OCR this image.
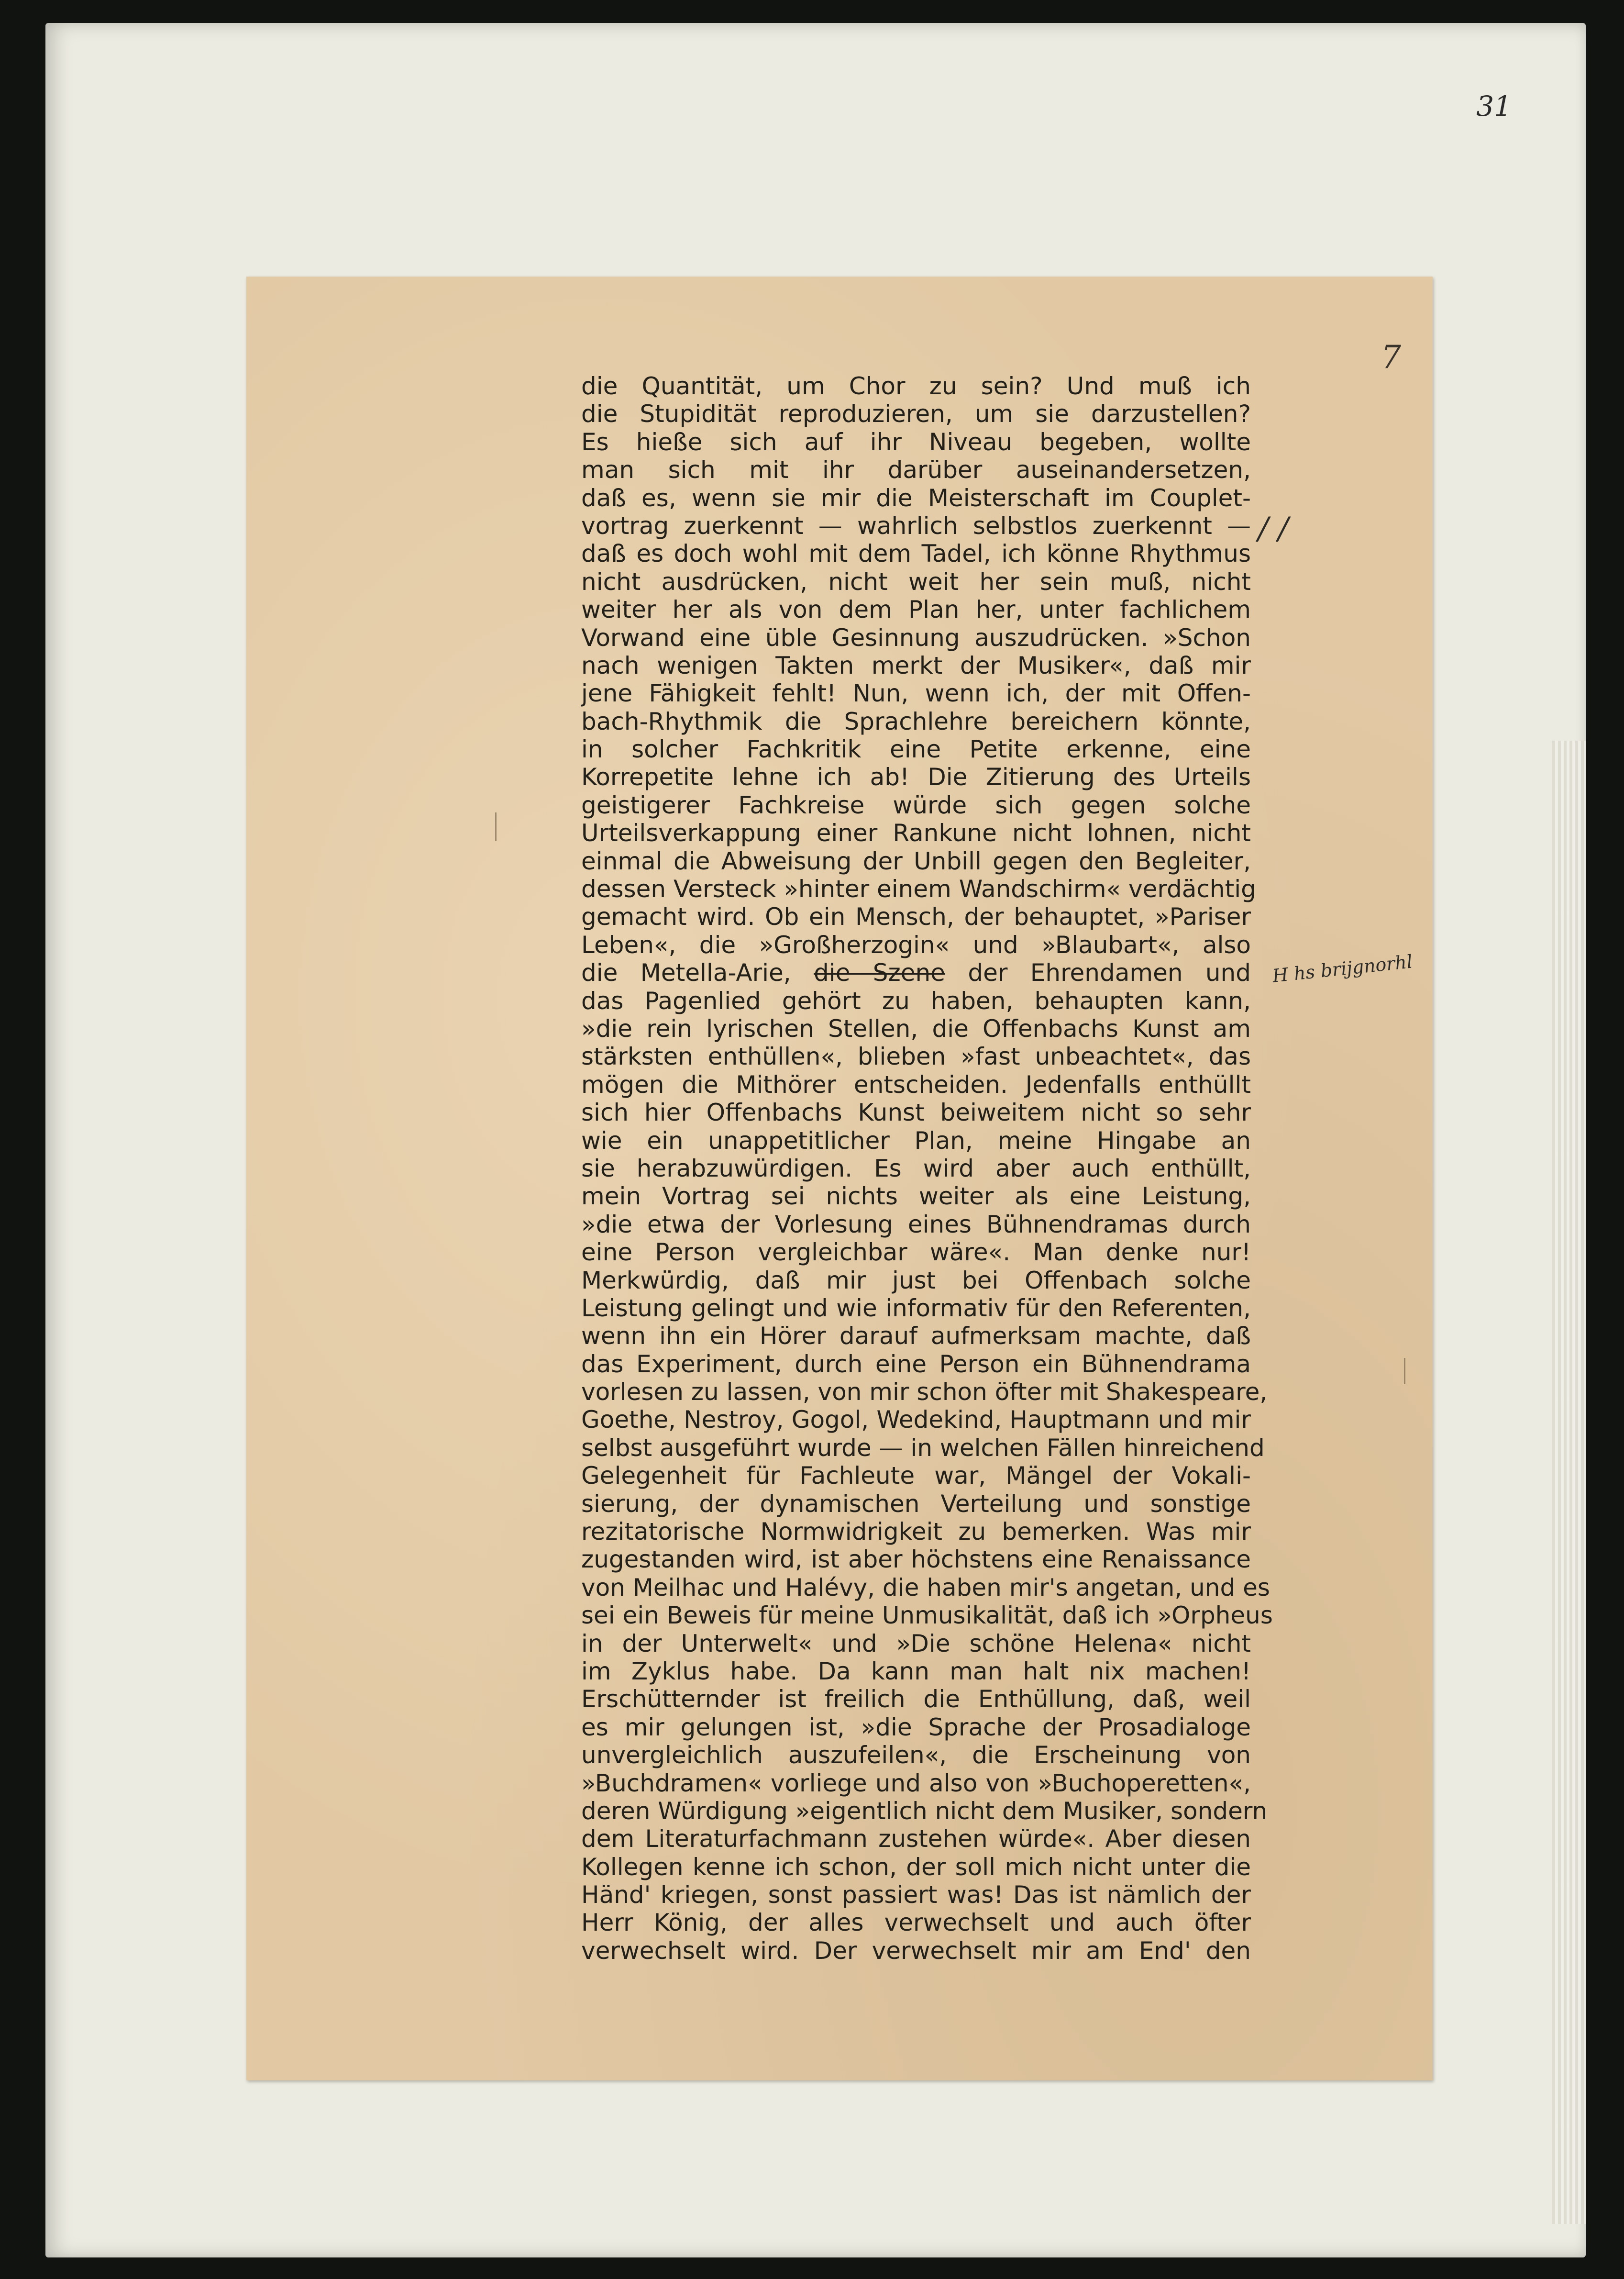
31
7
/ /
H hs brijgnorhl
die Quantität, um Chor zu sein? Und muß ich
die Stupidität reproduzieren, um sie darzustellen?
Es hieße sich auf ihr Niveau begeben, wollte
man sich mit ihr darüber auseinandersetzen,
daß es, wenn sie mir die Meisterschaft im Couplet-
vortrag zuerkennt — wahrlich selbstlos zuerkennt —
daß es doch wohl mit dem Tadel, ich könne Rhythmus
nicht ausdrücken, nicht weit her sein muß, nicht
weiter her als von dem Plan her, unter fachlichem
Vorwand eine üble Gesinnung auszudrücken. »Schon
nach wenigen Takten merkt der Musiker«, daß mir
jene Fähigkeit fehlt! Nun, wenn ich, der mit Offen-
bach-Rhythmik die Sprachlehre bereichern könnte,
in solcher Fachkritik eine Petite erkenne, eine
Korrepetite lehne ich ab! Die Zitierung des Urteils
geistigerer Fachkreise würde sich gegen solche
Urteilsverkappung einer Rankune nicht lohnen, nicht
einmal die Abweisung der Unbill gegen den Begleiter,
dessen Versteck »hinter einem Wandschirm« verdächtig
gemacht wird. Ob ein Mensch, der behauptet, »Pariser
Leben«, die »Großherzogin« und »Blaubart«, also
die Metella-Arie, die Szene der Ehrendamen und
das Pagenlied gehört zu haben, behaupten kann,
»die rein lyrischen Stellen, die Offenbachs Kunst am
stärksten enthüllen«, blieben »fast unbeachtet«, das
mögen die Mithörer entscheiden. Jedenfalls enthüllt
sich hier Offenbachs Kunst beiweitem nicht so sehr
wie ein unappetitlicher Plan, meine Hingabe an
sie herabzuwürdigen. Es wird aber auch enthüllt,
mein Vortrag sei nichts weiter als eine Leistung,
»die etwa der Vorlesung eines Bühnendramas durch
eine Person vergleichbar wäre«. Man denke nur!
Merkwürdig, daß mir just bei Offenbach solche
Leistung gelingt und wie informativ für den Referenten,
wenn ihn ein Hörer darauf aufmerksam machte, daß
das Experiment, durch eine Person ein Bühnendrama
vorlesen zu lassen, von mir schon öfter mit Shakespeare,
Goethe, Nestroy, Gogol, Wedekind, Hauptmann und mir
selbst ausgeführt wurde — in welchen Fällen hinreichend
Gelegenheit für Fachleute war, Mängel der Vokali-
sierung, der dynamischen Verteilung und sonstige
rezitatorische Normwidrigkeit zu bemerken. Was mir
zugestanden wird, ist aber höchstens eine Renaissance
von Meilhac und Halévy, die haben mir's angetan, und es
sei ein Beweis für meine Unmusikalität, daß ich »Orpheus
in der Unterwelt« und »Die schöne Helena« nicht
im Zyklus habe. Da kann man halt nix machen!
Erschütternder ist freilich die Enthüllung, daß, weil
es mir gelungen ist, »die Sprache der Prosadialoge
unvergleichlich auszufeilen«, die Erscheinung von
»Buchdramen« vorliege und also von »Buchoperetten«,
deren Würdigung »eigentlich nicht dem Musiker, sondern
dem Literaturfachmann zustehen würde«. Aber diesen
Kollegen kenne ich schon, der soll mich nicht unter die
Händ' kriegen, sonst passiert was! Das ist nämlich der
Herr König, der alles verwechselt und auch öfter
verwechselt wird. Der verwechselt mir am End' den
